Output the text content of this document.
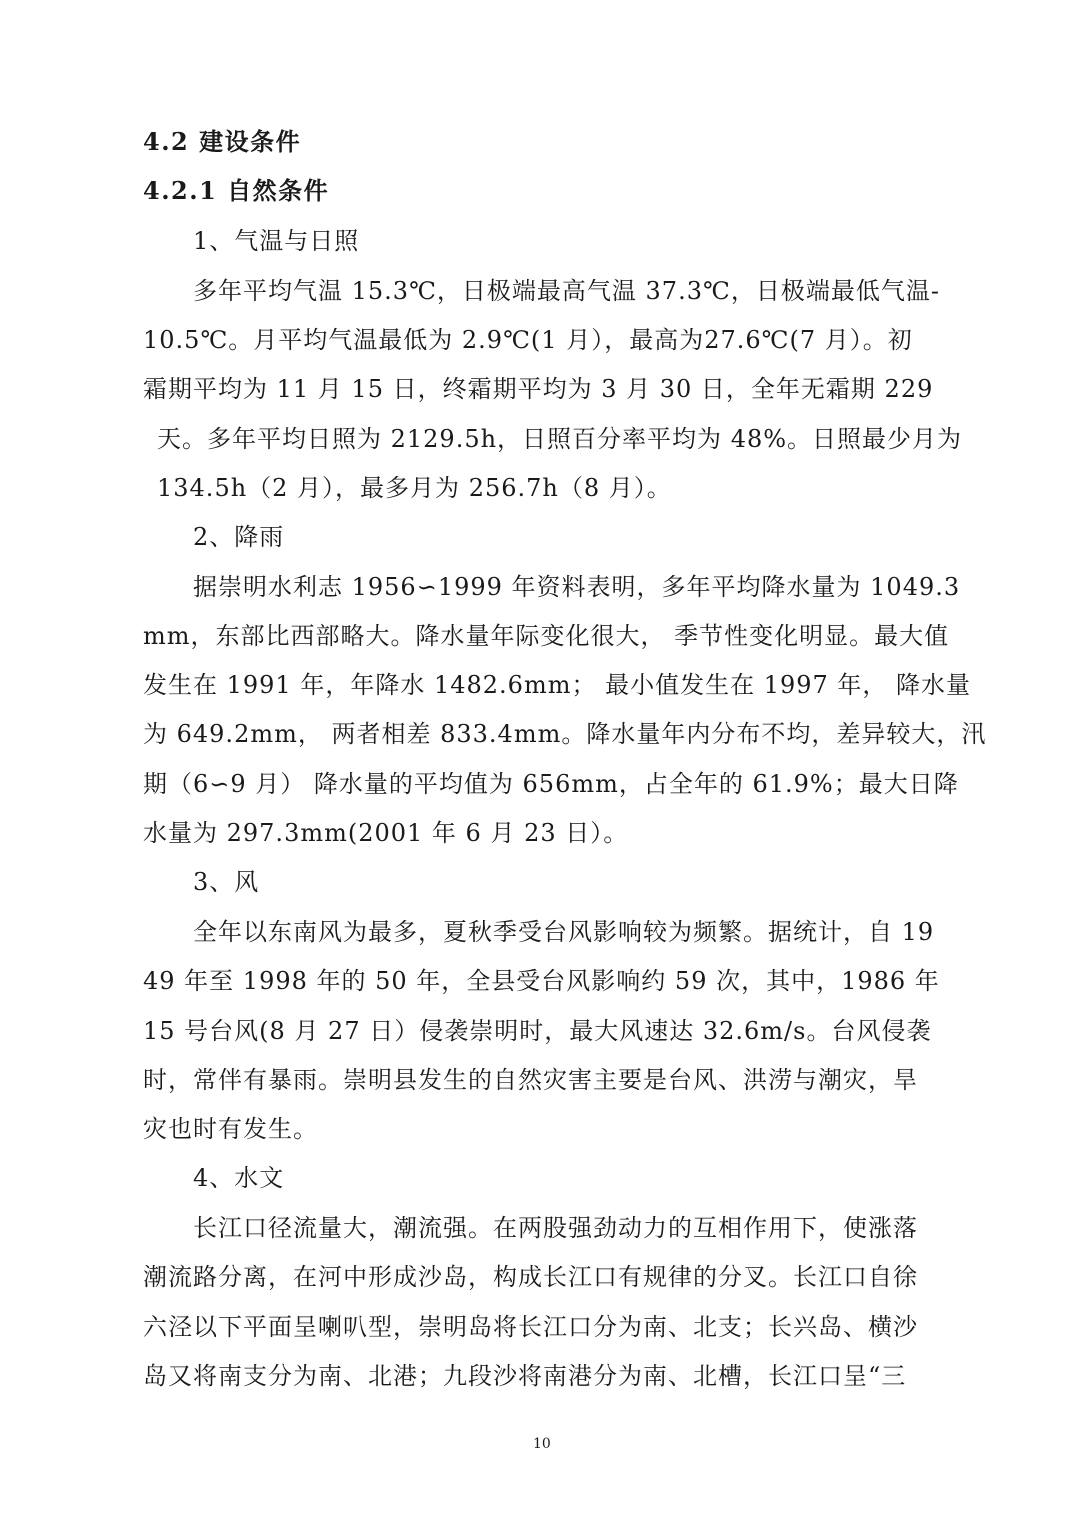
4.2 建设条件
4.2.1 自然条件
1、气温与日照
多年平均气温 15.3℃，日极端最高气温 37.3℃，日极端最低气温-
10.5℃。月平均气温最低为 2.9℃(1 月），最高为27.6℃(7 月）。初
霜期平均为 11 月 15 日，终霜期平均为 3 月 30 日，全年无霜期 229
天。多年平均日照为 2129.5h，日照百分率平均为 48%。日照最少月为
134.5h（2 月），最多月为 256.7h（8 月）。
2、降雨
据崇明水利志 1956∽1999 年资料表明，多年平均降水量为 1049.3
mm，东部比西部略大。降水量年际变化很大， 季节性变化明显。最大值
发生在 1991 年，年降水 1482.6mm； 最小值发生在 1997 年， 降水量
为 649.2mm， 两者相差 833.4mm。降水量年内分布不均，差异较大，汛
期（6∽9 月） 降水量的平均值为 656mm，占全年的 61.9%；最大日降
水量为 297.3mm(2001 年 6 月 23 日）。
3、风
全年以东南风为最多，夏秋季受台风影响较为频繁。据统计，自 19
49 年至 1998 年的 50 年，全县受台风影响约 59 次，其中，1986 年
15 号台风(8 月 27 日）侵袭崇明时，最大风速达 32.6m/s。台风侵袭
时，常伴有暴雨。崇明县发生的自然灾害主要是台风、洪涝与潮灾，旱
灾也时有发生。
4、水文
长江口径流量大，潮流强。在两股强劲动力的互相作用下，使涨落
潮流路分离，在河中形成沙岛，构成长江口有规律的分叉。长江口自徐
六泾以下平面呈喇叭型，崇明岛将长江口分为南、北支；长兴岛、横沙
岛又将南支分为南、北港；九段沙将南港分为南、北槽，长江口呈“三
10
